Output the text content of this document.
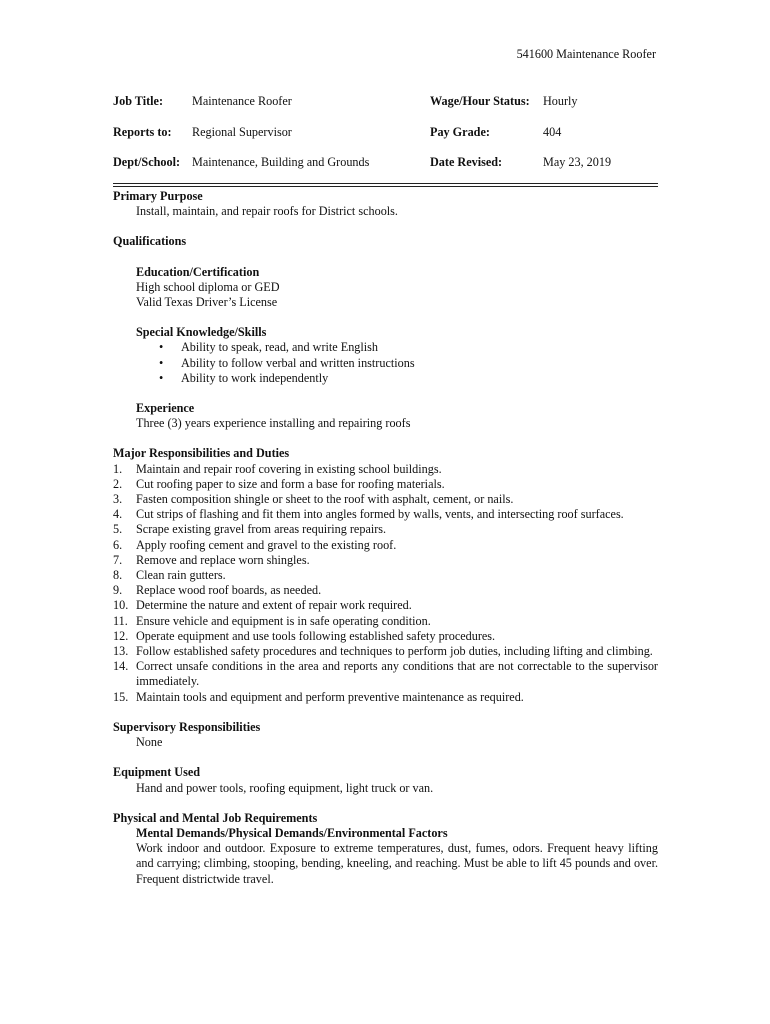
541600 Maintenance Roofer
Job Title: Maintenance Roofer	Wage/Hour Status: Hourly
Reports to: Regional Supervisor	Pay Grade:	404
Dept/School: Maintenance, Building and Grounds	Date Revised:	May 23, 2019
Primary Purpose
Install, maintain, and repair roofs for District schools.
Qualifications
Education/Certification
High school diploma or GED
Valid Texas Driver’s License
Special Knowledge/Skills
• Ability to speak, read, and write English
• Ability to follow verbal and written instructions
• Ability to work independently
Experience
Three (3) years experience installing and repairing roofs
Major Responsibilities and Duties
1. Maintain and repair roof covering in existing school buildings.
2. Cut roofing paper to size and form a base for roofing materials.
3. Fasten composition shingle or sheet to the roof with asphalt, cement, or nails.
4. Cut strips of flashing and fit them into angles formed by walls, vents, and intersecting roof surfaces.
5. Scrape existing gravel from areas requiring repairs.
6. Apply roofing cement and gravel to the existing roof.
7. Remove and replace worn shingles.
8. Clean rain gutters.
9. Replace wood roof boards, as needed.
10. Determine the nature and extent of repair work required.
11. Ensure vehicle and equipment is in safe operating condition.
12. Operate equipment and use tools following established safety procedures.
13. Follow established safety procedures and techniques to perform job duties, including lifting and climbing.
14. Correct unsafe conditions in the area and reports any conditions that are not correctable to the supervisor immediately.
15. Maintain tools and equipment and perform preventive maintenance as required.
Supervisory Responsibilities
None
Equipment Used
Hand and power tools, roofing equipment, light truck or van.
Physical and Mental Job Requirements
Mental Demands/Physical Demands/Environmental Factors
Work indoor and outdoor. Exposure to extreme temperatures, dust, fumes, odors. Frequent heavy lifting and carrying; climbing, stooping, bending, kneeling, and reaching. Must be able to lift 45 pounds and over. Frequent districtwide travel.
